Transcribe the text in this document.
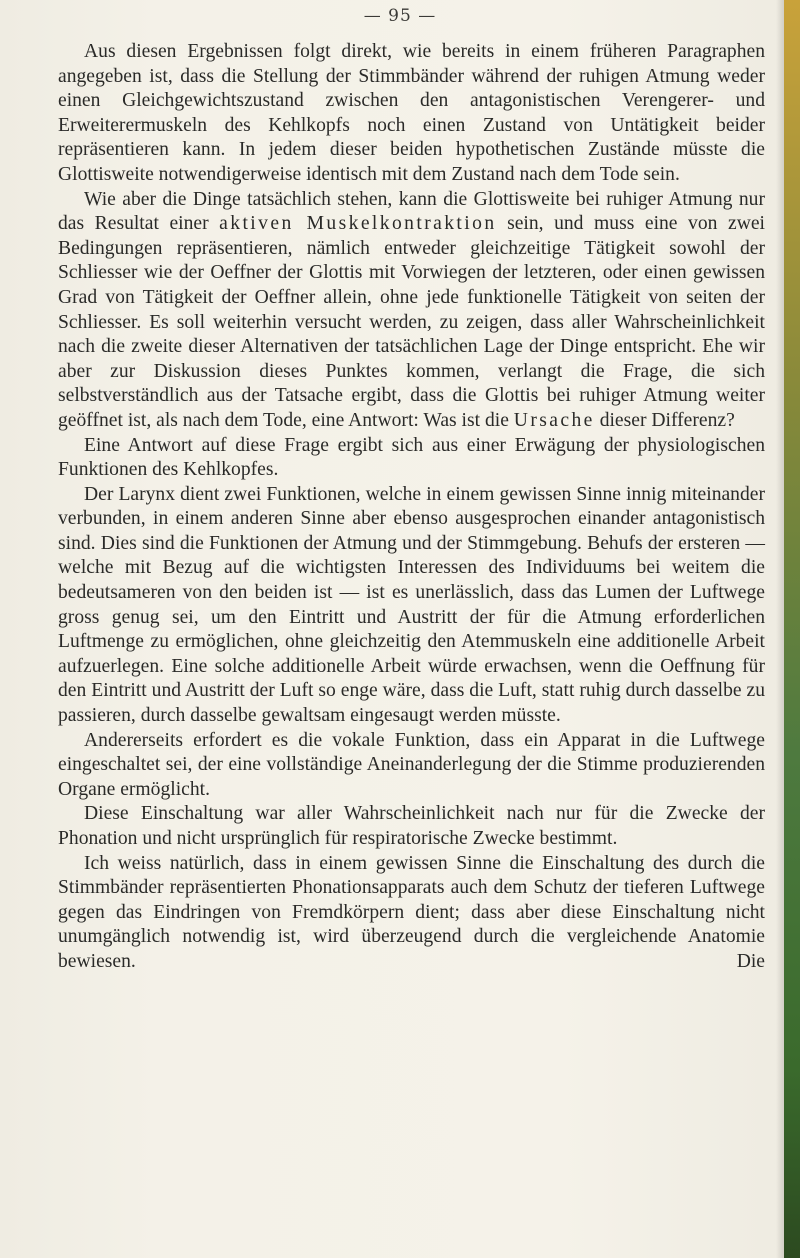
— 95 —

Aus diesen Ergebnissen folgt direkt, wie bereits in einem früheren Paragraphen angegeben ist, dass die Stellung der Stimmbänder während der ruhigen Atmung weder einen Gleichgewichtszustand zwischen den antagonistischen Verengerer- und Erweiterermuskeln des Kehlkopfs noch einen Zustand von Untätigkeit beider repräsentieren kann. In jedem dieser beiden hypothetischen Zustände müsste die Glottisweite notwendigerweise identisch mit dem Zustand nach dem Tode sein.

Wie aber die Dinge tatsächlich stehen, kann die Glottisweite bei ruhiger Atmung nur das Resultat einer aktiven Muskelkontraktion sein, und muss eine von zwei Bedingungen repräsentieren, nämlich entweder gleichzeitige Tätigkeit sowohl der Schliesser wie der Oeffner der Glottis mit Vorwiegen der letzteren, oder einen gewissen Grad von Tätigkeit der Oeffner allein, ohne jede funktionelle Tätigkeit von seiten der Schliesser. Es soll weiterhin versucht werden, zu zeigen, dass aller Wahrscheinlichkeit nach die zweite dieser Alternativen der tatsächlichen Lage der Dinge entspricht. Ehe wir aber zur Diskussion dieses Punktes kommen, verlangt die Frage, die sich selbstverständlich aus der Tatsache ergibt, dass die Glottis bei ruhiger Atmung weiter geöffnet ist, als nach dem Tode, eine Antwort: Was ist die Ursache dieser Differenz?

Eine Antwort auf diese Frage ergibt sich aus einer Erwägung der physiologischen Funktionen des Kehlkopfes.

Der Larynx dient zwei Funktionen, welche in einem gewissen Sinne innig miteinander verbunden, in einem anderen Sinne aber ebenso ausgesprochen einander antagonistisch sind. Dies sind die Funktionen der Atmung und der Stimmgebung. Behufs der ersteren — welche mit Bezug auf die wichtigsten Interessen des Individuums bei weitem die bedeutsameren von den beiden ist — ist es unerlässlich, dass das Lumen der Luftwege gross genug sei, um den Eintritt und Austritt der für die Atmung erforderlichen Luftmenge zu ermöglichen, ohne gleichzeitig den Atemmuskeln eine additionelle Arbeit aufzuerlegen. Eine solche additionelle Arbeit würde erwachsen, wenn die Oeffnung für den Eintritt und Austritt der Luft so enge wäre, dass die Luft, statt ruhig durch dasselbe zu passieren, durch dasselbe gewaltsam eingesaugt werden müsste.

Andererseits erfordert es die vokale Funktion, dass ein Apparat in die Luftwege eingeschaltet sei, der eine vollständige Aneinanderlegung der die Stimme produzierenden Organe ermöglicht.

Diese Einschaltung war aller Wahrscheinlichkeit nach nur für die Zwecke der Phonation und nicht ursprünglich für respiratorische Zwecke bestimmt.

Ich weiss natürlich, dass in einem gewissen Sinne die Einschaltung des durch die Stimmbänder repräsentierten Phonationsapparats auch dem Schutz der tieferen Luftwege gegen das Eindringen von Fremdkörpern dient; dass aber diese Einschaltung nicht unumgänglich notwendig ist, wird überzeugend durch die vergleichende Anatomie bewiesen. Die
